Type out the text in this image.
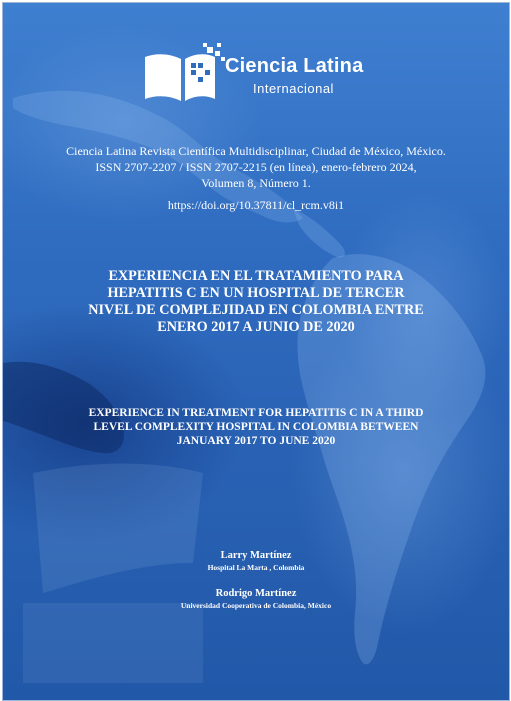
Ciencia Latina
Internacional
Ciencia Latina Revista Científica Multidisciplinar, Ciudad de México, México.
ISSN 2707-2207 / ISSN 2707-2215 (en línea), enero-febrero 2024,
Volumen 8, Número 1.
https://doi.org/10.37811/cl_rcm.v8i1
EXPERIENCIA EN EL TRATAMIENTO PARA
HEPATITIS C EN UN HOSPITAL DE TERCER
NIVEL DE COMPLEJIDAD EN COLOMBIA ENTRE
ENERO 2017 A JUNIO DE 2020
EXPERIENCE IN TREATMENT FOR HEPATITIS C IN A THIRD
LEVEL COMPLEXITY HOSPITAL IN COLOMBIA BETWEEN
JANUARY 2017 TO JUNE 2020
Larry Martínez
Hospital La Marta , Colombia
Rodrigo Martínez
Universidad Cooperativa de Colombia, México
